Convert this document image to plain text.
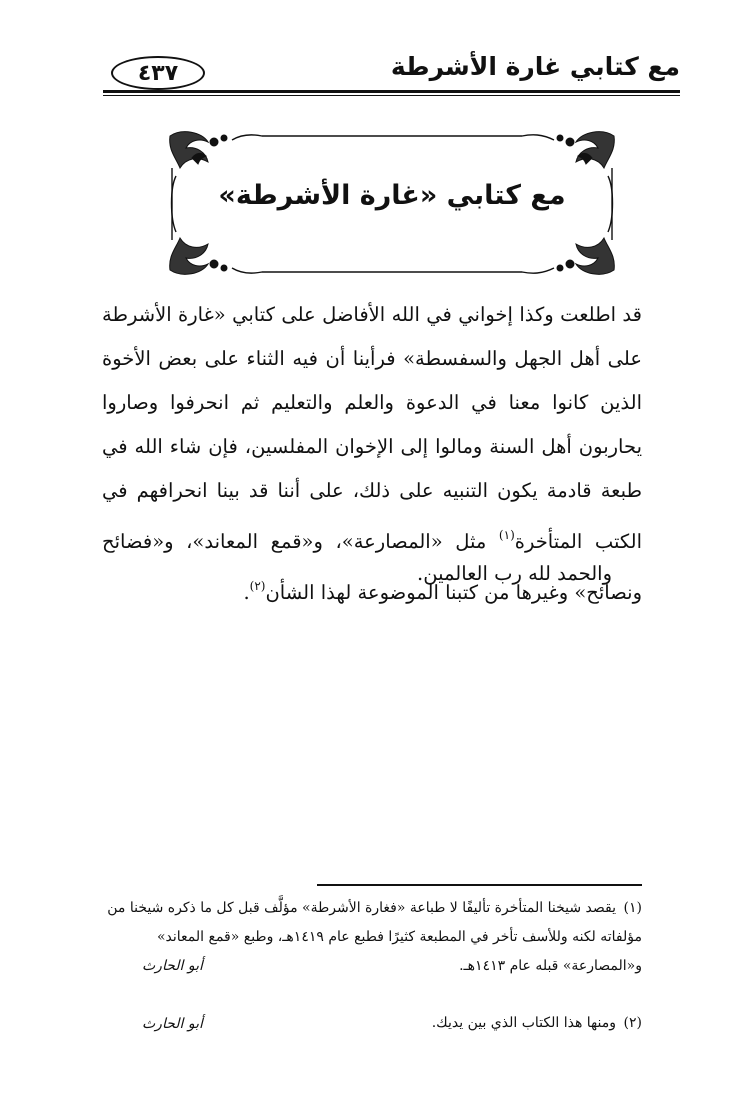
مع كتابي غارة الأشرطة
٤٣٧
مع كتابي «غارة الأشرطة»

قد اطلعت وكذا إخواني في الله الأفاضل على كتابي «غارة الأشرطة على أهل الجهل والسفسطة» فرأينا أن فيه الثناء على بعض الأخوة الذين كانوا معنا في الدعوة والعلم والتعليم ثم انحرفوا وصاروا يحاربون أهل السنة ومالوا إلى الإخوان المفلسين، فإن شاء الله في طبعة قادمة يكون التنبيه على ذلك، على أننا قد بينا انحرافهم في الكتب المتأخرة$^{(١)}$ مثل «المصارعة»، و«قمع المعاند»، و«فضائح ونصائح» وغيرها من كتبنا الموضوعة لهذا الشأن$^{(٢)}$.

والحمد لله رب العالمين.
(١)يقصد شيخنا المتأخرة تأليفًا لا طباعة «فغارة الأشرطة» مؤلَّف قبل كل ما ذكره شيخنا من
مؤلفاته لكنه وللأسف تأخر في المطبعة كثيرًا فطبع عام ١٤١٩هـ، وطبع «قمع المعاند»
و«المصارعة» قبله عام ١٤١٣هـ.
(٢)ومنها هذا الكتاب الذي بين يديك.
أبو الحارث
أبو الحارث
